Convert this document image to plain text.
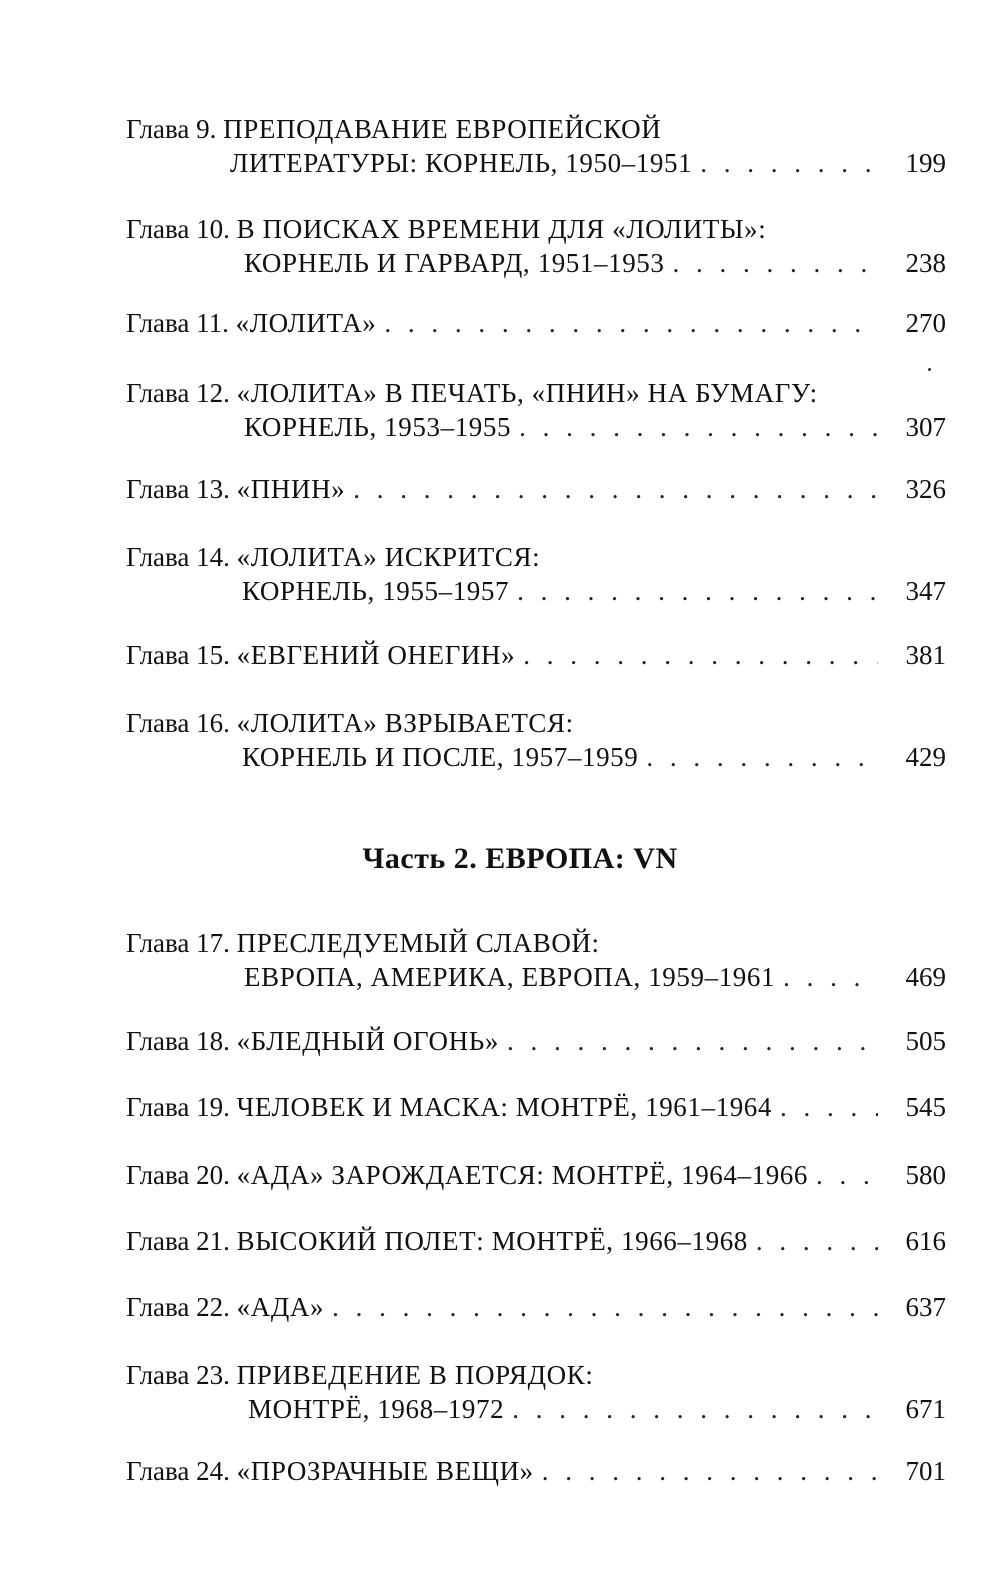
Глава 9.
ПРЕПОДАВАНИЕ ЕВРОПЕЙСКОЙ
ЛИТЕРАТУРЫ: КОРНЕЛЬ, 1950–1951 . . .	199
Глава 10.
В ПОИСКАХ ВРЕМЕНИ ДЛЯ «ЛОЛИТЫ»:
КОРНЕЛЬ И ГАРВАРД, 1951–1953 . . .	238
Глава 11.
«ЛОЛИТА» . . .	270
Глава 12.
«ЛОЛИТА» В ПЕЧАТЬ, «ПНИН» НА БУМАГУ:
КОРНЕЛЬ, 1953–1955 . . .	307
Глава 13.
«ПНИН» . . .	326
Глава 14.
«ЛОЛИТА» ИСКРИТСЯ:
КОРНЕЛЬ, 1955–1957 . . .	347
Глава 15.
«ЕВГЕНИЙ ОНЕГИН» . . .	381
Глава 16.
«ЛОЛИТА» ВЗРЫВАЕТСЯ:
КОРНЕЛЬ И ПОСЛЕ, 1957–1959 . . .	429
Часть 2. ЕВРОПА: VN
Глава 17.
ПРЕСЛЕДУЕМЫЙ СЛАВОЙ:
ЕВРОПА, АМЕРИКА, ЕВРОПА, 1959–1961 . . .	469
Глава 18.
«БЛЕДНЫЙ ОГОНЬ» . . .	505
Глава 19.
ЧЕЛОВЕК И МАСКА: МОНТРЁ, 1961–1964 . . .	545
Глава 20.
«АДА» ЗАРОЖДАЕТСЯ: МОНТРЁ, 1964–1966 . . .	580
Глава 21.
ВЫСОКИЙ ПОЛЕТ: МОНТРЁ, 1966–1968 . . .	616
Глава 22.
«АДА» . . .	637
Глава 23.
ПРИВЕДЕНИЕ В ПОРЯДОК:
МОНТРЁ, 1968–1972 . . .	671
Глава 24.
«ПРОЗРАЧНЫЕ ВЕЩИ» . . .	701
